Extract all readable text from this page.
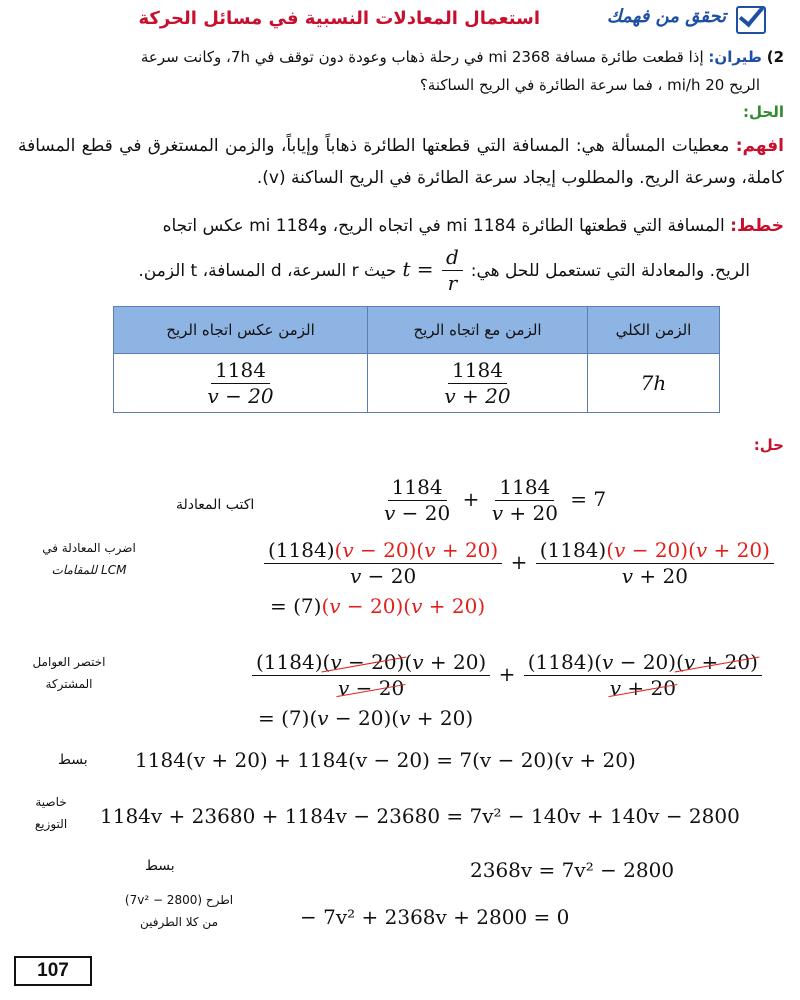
تحقق من فهمك
استعمال المعادلات النسبية في مسائل الحركة
2) طيران: إذا قطعت طائرة مسافة 2368 mi في رحلة ذهاب وعودة دون توقف في 7h، وكانت سرعة
الريح 20 mi/h ، فما سرعة الطائرة في الريح الساكنة؟
الحل:
افهم: معطيات المسألة هي: المسافة التي قطعتها الطائرة ذهاباً وإياباً، والزمن المستغرق في قطع المسافة كاملة، وسرعة الريح. والمطلوب إيجاد سرعة الطائرة في الريح الساكنة (v).
خطط: المسافة التي قطعتها الطائرة 1184 mi في اتجاه الريح، و1184 mi عكس اتجاه
الريح. والمعادلة التي تستعمل للحل هي:
$t = \frac{d}{r}$
حيث r السرعة، d المسافة، t الزمن.
الزمن الكلي	الزمن مع اتجاه الريح	الزمن عكس اتجاه الريح
7h	$\frac{1184}{v + 20}$	$\frac{1184}{v - 20}$
حل:
اكتب المعادلة	$\frac{1184}{v - 20} + \frac{1184}{v + 20} = 7$
اضرب المعادلة في
LCM للمقامات	$\frac{(1184)(v - 20)(v + 20)}{v - 20} + \frac{(1184)(v - 20)(v + 20)}{v + 20}$
= (7)(v − 20)(v + 20)
اختصر العوامل
المشتركة	$\frac{(1184)(v - 20)(v + 20)}{v - 20} + \frac{(1184)(v - 20)(v + 20)}{v + 20}$
= (7)(v − 20)(v + 20)
بسط 1184(v + 20) + 1184(v − 20) = 7(v − 20)(v + 20)
خاصية
التوزيع	1184v + 23680 + 1184v − 23680 = 7v² − 140v + 140v − 2800
بسط	2368v = 7v² − 2800
اطرح (7v² − 2800)
من كلا الطرفين	− 7v² + 2368v + 2800 = 0
107
